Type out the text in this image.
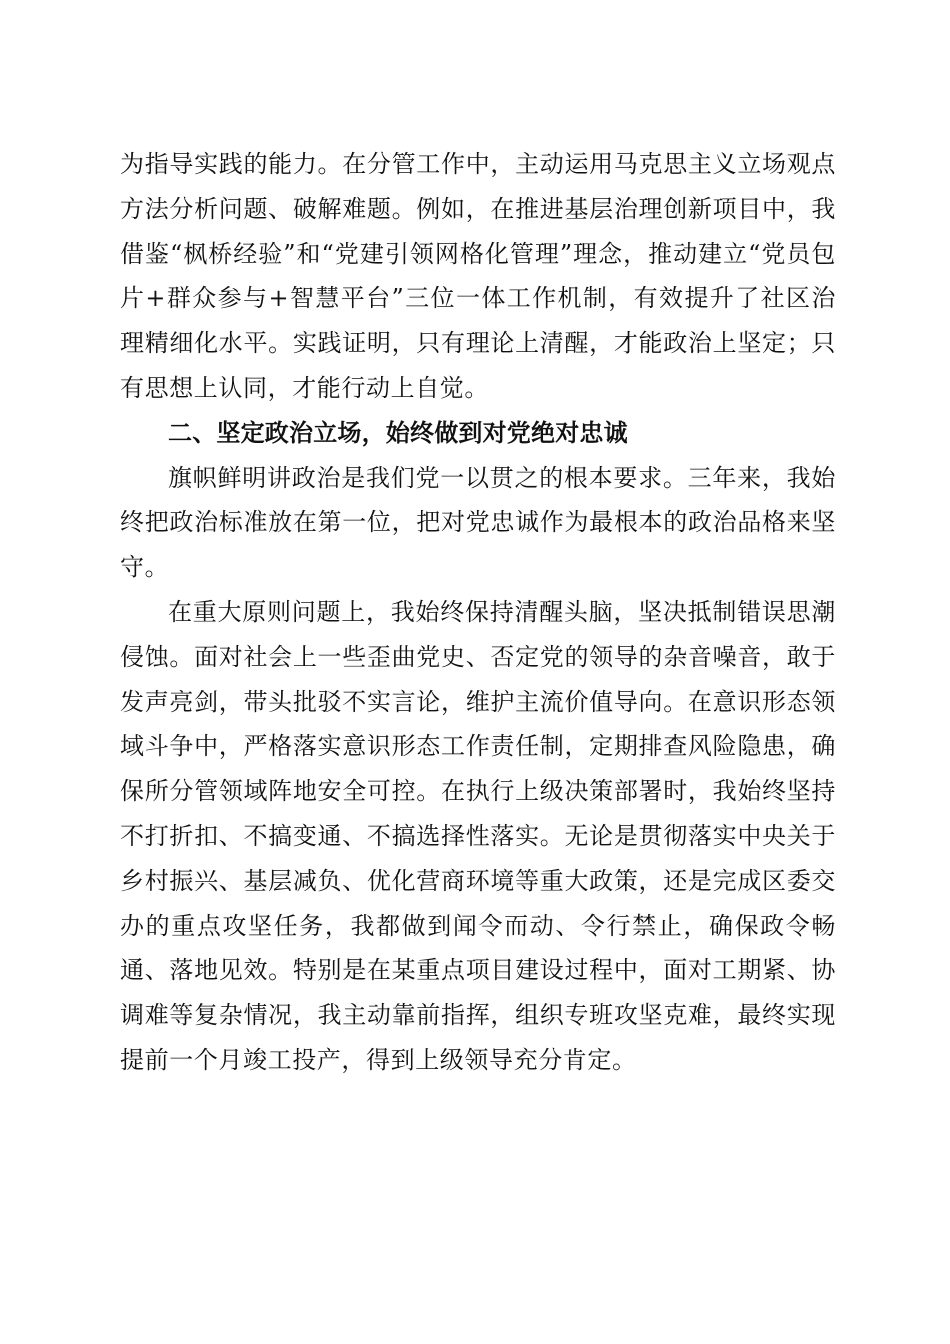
为指导实践的能力。在分管工作中，主动运用马克思主义立场观点方法分析问题、破解难题。例如，在推进基层治理创新项目中，我借鉴“枫桥经验”和“党建引领网格化管理”理念，推动建立“党员包片+群众参与+智慧平台”三位一体工作机制，有效提升了社区治理精细化水平。实践证明，只有理论上清醒，才能政治上坚定；只有思想上认同，才能行动上自觉。

二、坚定政治立场，始终做到对党绝对忠诚

旗帜鲜明讲政治是我们党一以贯之的根本要求。三年来，我始终把政治标准放在第一位，把对党忠诚作为最根本的政治品格来坚守。

在重大原则问题上，我始终保持清醒头脑，坚决抵制错误思潮侵蚀。面对社会上一些歪曲党史、否定党的领导的杂音噪音，敢于发声亮剑，带头批驳不实言论，维护主流价值导向。在意识形态领域斗争中，严格落实意识形态工作责任制，定期排查风险隐患，确保所分管领域阵地安全可控。在执行上级决策部署时，我始终坚持不打折扣、不搞变通、不搞选择性落实。无论是贯彻落实中央关于乡村振兴、基层减负、优化营商环境等重大政策，还是完成区委交办的重点攻坚任务，我都做到闻令而动、令行禁止，确保政令畅通、落地见效。特别是在某重点项目建设过程中，面对工期紧、协调难等复杂情况，我主动靠前指挥，组织专班攻坚克难，最终实现提前一个月竣工投产，得到上级领导充分肯定。
